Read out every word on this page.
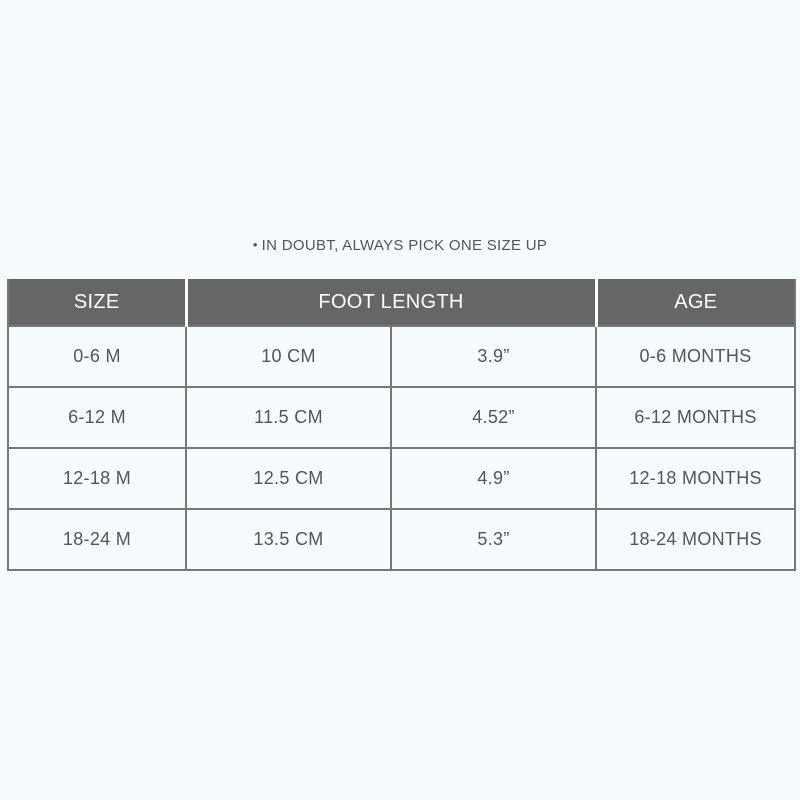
• IN DOUBT, ALWAYS PICK ONE SIZE UP
SIZE	FOOT LENGTH		AGE
0-6 M	10 CM	3.9”	0-6 MONTHS
6-12 M	11.5 CM	4.52”	6-12 MONTHS
12-18 M	12.5 CM	4.9”	12-18 MONTHS
18-24 M	13.5 CM	5.3”	18-24 MONTHS
